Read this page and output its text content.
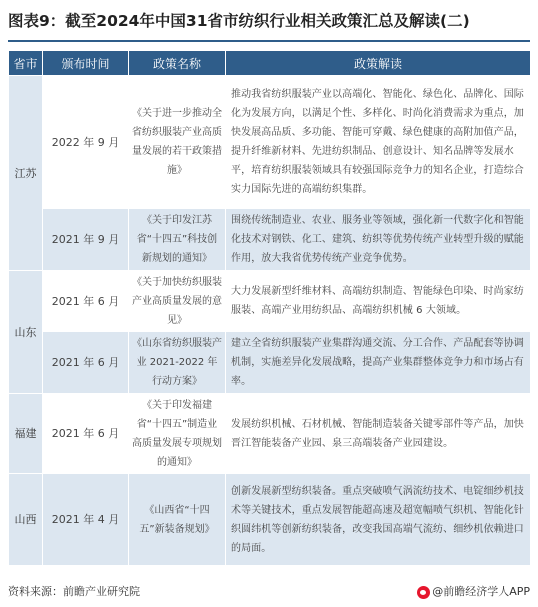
图表9：截至2024年中国31省市纺织行业相关政策汇总及解读(二)
省市	颁布时间	政策名称	政策解读
江苏	2022 年 9 月	《关于进一步推动全省纺织服装产业高质量发展的若干政策措施》	推动我省纺织服装产业以高端化、智能化、绿色化、品牌化、国际化为发展方向，以满足个性、多样化、时尚化消费需求为重点，加快发展高品质、多功能、智能可穿戴、绿色健康的高附加值产品，提升纤维新材料、先进纺织制品、创意设计、知名品牌等发展水平，培育纺织服装领域具有较强国际竞争力的知名企业，打造综合实力国际先进的高端纺织集群。
	2021 年 9 月	《关于印发江苏省“十四五”科技创新规划的通知》	围绕传统制造业、农业、服务业等领域，强化新一代数字化和智能化技术对钢铁、化工、建筑、纺织等优势传统产业转型升级的赋能作用，放大我省优势传统产业竞争优势。
山东	2021 年 6 月	《关于加快纺织服装产业高质量发展的意见》	大力发展新型纤维材料、高端纺织制造、智能绿色印染、时尚家纺服装、高端产业用纺织品、高端纺织机械 6 大领域。
	2021 年 6 月	《山东省纺织服装产业 2021-2022 年行动方案》	建立全省纺织服装产业集群沟通交流、分工合作、产品配套等协调机制，实施差异化发展战略，提高产业集群整体竞争力和市场占有率。
福建	2021 年 6 月	《关于印发福建省“十四五”制造业高质量发展专项规划的通知》	发展纺织机械、石材机械、智能制造装备关键零部件等产品，加快晋江智能装备产业园、泉三高端装备产业园建设。
山西	2021 年 4 月	《山西省“十四五”新装备规划》	创新发展新型纺织装备。重点突破喷气涡流纺技术、电锭细纱机技术等关键技术，重点发展智能超高速及超宽幅喷气织机、智能化针织圆纬机等创新纺织装备，改变我国高端气流纺、细纱机依赖进口的局面。
资料来源：前瞻产业研究院	@前瞻经济学人APP
